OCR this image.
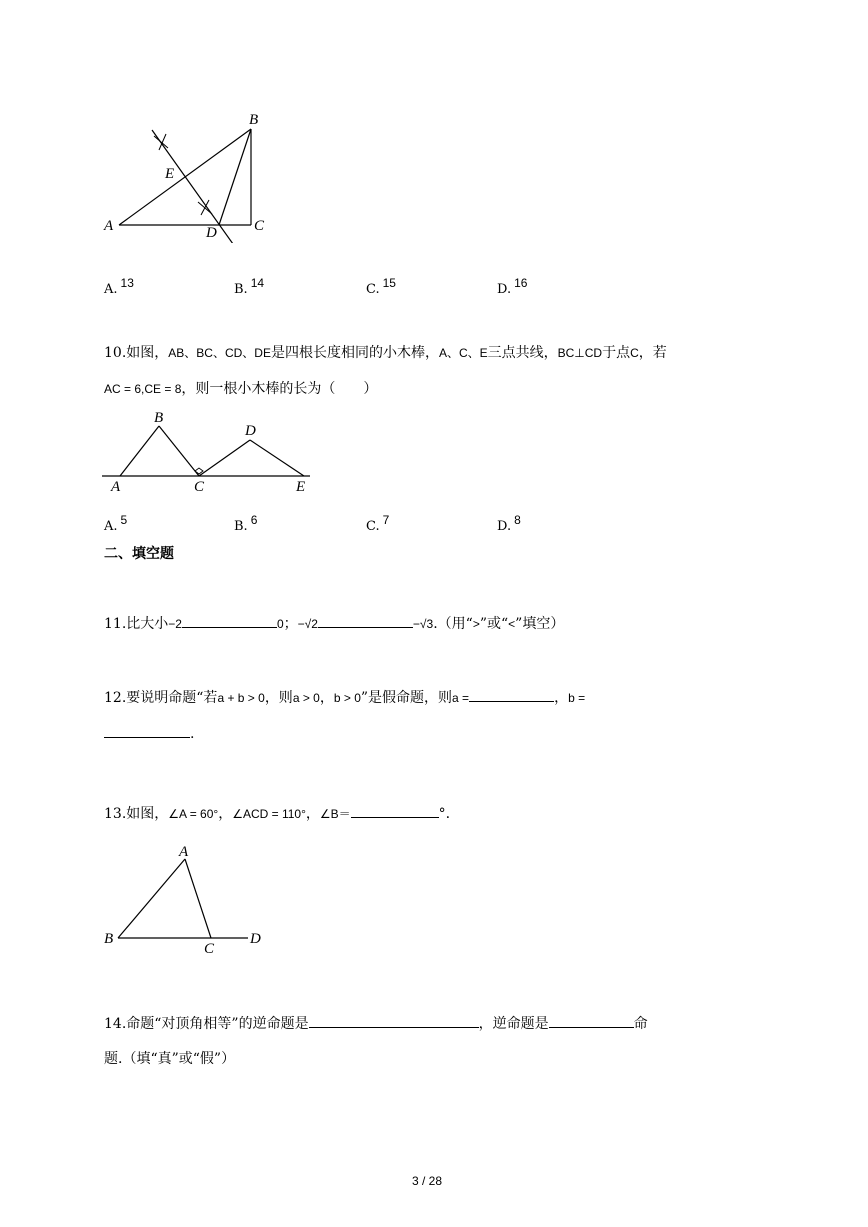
B
E
A	D C
A. $^{13}$	B. $^{14}$	C. $^{15}$	D. $^{16}$
10.如图，AB、BC、CD、DE是四根长度相同的小木棒，A、C、E三点共线，BC⊥CD于点C，若
AC = 6,CE = 8，则一根小木棒的长为（　　）
B
D
A	C	E
A. $^5$	B. $^6$	C. $^7$	D. $^8$
二、填空题
11.比大小−2	0；−√2	−√3.（用“>”或“<”填空）
12.要说明命题“若a + b > 0，则a > 0，b > 0”是假命题，则a =	，b =
.
13.如图，∠A = 60°，∠ACD = 110°，∠B＝	°.
A
B
C
D
14.命题“对顶角相等”的逆命题是	，逆命题是	命
题.（填“真”或“假”）
3 / 28
